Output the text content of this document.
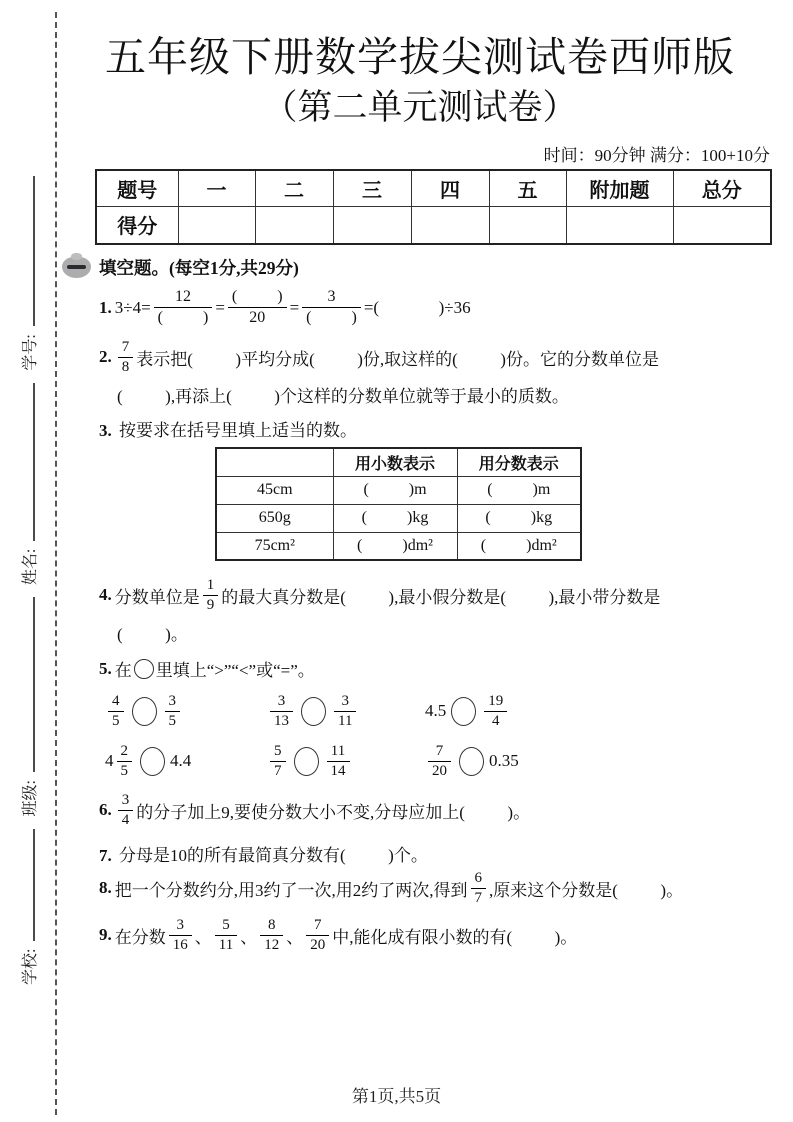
学校: 班级: 姓名: 学号:
五年级下册数学拔尖测试卷西师版
（第二单元测试卷）
时间：90分钟 满分：100+10分
题号	一	二	三	四	五	附加题	总分
得分							
填空题。 (每空1分,共29分)
1. $3\div 4= \frac{12}{( )} = \frac{( )}{20} = \frac{3}{( )}$ =(              )÷36
2. $\frac{7}{8}$ 表示把(          )平均分成(          )份,取这样的(          )份。它的分数单位是
(          ),再添上(          )个这样的分数单位就等于最小的质数。
3. 按要求在括号里填上适当的数。
	用小数表示	用分数表示
45cm	(          )m	(          )m
650g	(          )kg	(          )kg
75cm²	(          )dm²	(          )dm²
4. 分数单位是 $\frac{1}{9}$ 的最大真分数是(          ),最小假分数是(          ),最小带分数是
(          )。
5. 在 里填上“>”“<”或“=”。
$\frac{4}{5}$	$\frac{3}{5}$	$\frac{3}{13}$	$\frac{3}{11}$	4.5	$\frac{19}{4}$
$4 \frac{2}{5} 4.4$	$\frac{5}{7}$	$\frac{11}{14}$	$\frac{7}{20} 0.35$
6. $\frac{3}{4}$ 的分子加上9,要使分数大小不变,分母应加上(          )。
7. 分母是10的所有最简真分数有(          )个。
8. 把一个分数约分,用3约了一次,用2约了两次,得到 $\frac{6}{7}$ ,原来这个分数是(          )。
9. 在分数 $\frac{3}{16}$ 、 $\frac{5}{11}$ 、 $\frac{8}{12}$ 、 $\frac{7}{20}$ 中,能化成有限小数的有(          )。
第1页,共5页
